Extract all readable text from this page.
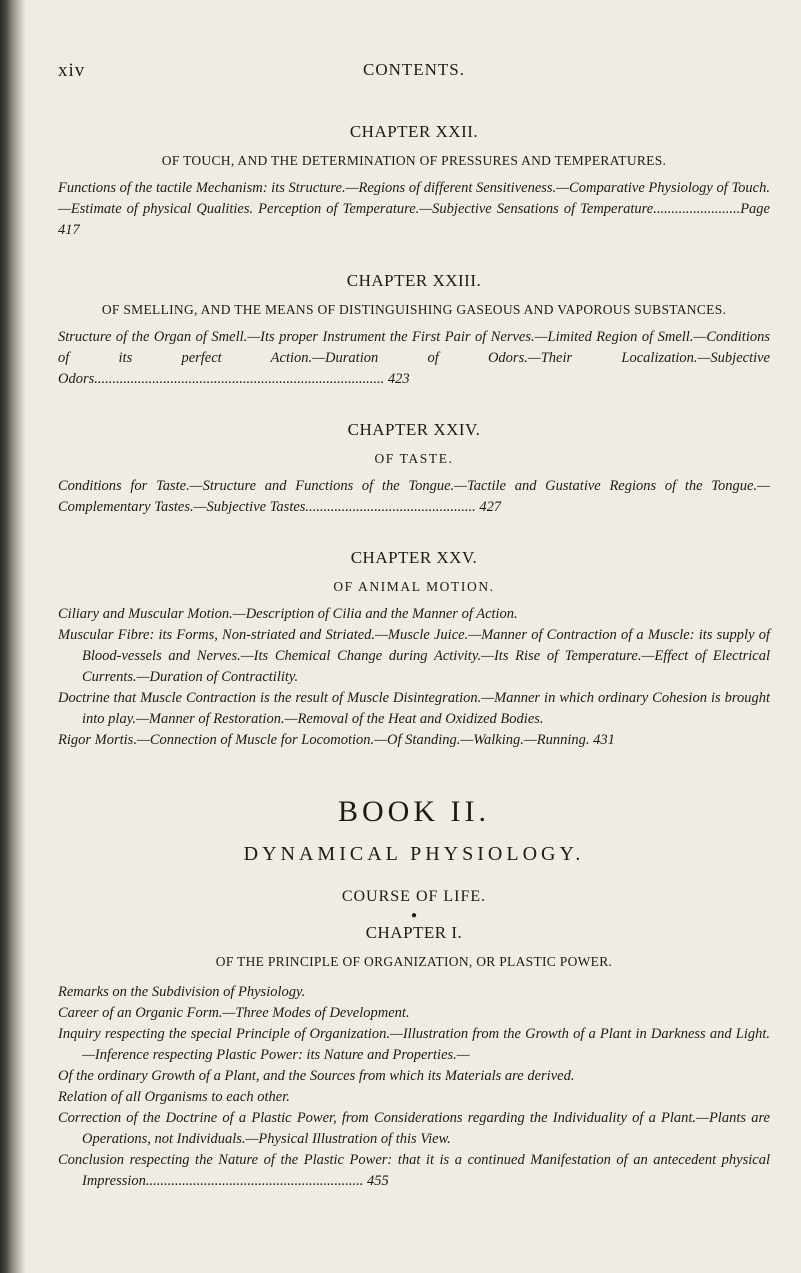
xiv	CONTENTS.
CHAPTER XXII.
OF TOUCH, AND THE DETERMINATION OF PRESSURES AND TEMPERATURES.

Functions of the tactile Mechanism: its Structure.—Regions of different Sensitiveness.—Comparative Physiology of Touch.—Estimate of physical Qualities. Perception of Temperature.—Subjective Sensations of Temperature........................Page 417

CHAPTER XXIII.
OF SMELLING, AND THE MEANS OF DISTINGUISHING GASEOUS AND VAPOROUS SUBSTANCES.

Structure of the Organ of Smell.—Its proper Instrument the First Pair of Nerves.—Limited Region of Smell.—Conditions of its perfect Action.—Duration of Odors.—Their Localization.—Subjective Odors................................................................................ 423

CHAPTER XXIV.
OF TASTE.

Conditions for Taste.—Structure and Functions of the Tongue.—Tactile and Gustative Regions of the Tongue.—Complementary Tastes.—Subjective Tastes............................................... 427

CHAPTER XXV.
OF ANIMAL MOTION.

Ciliary and Muscular Motion.—Description of Cilia and the Manner of Action.

Muscular Fibre: its Forms, Non-striated and Striated.—Muscle Juice.—Manner of Contraction of a Muscle: its supply of Blood-vessels and Nerves.—Its Chemical Change during Activity.—Its Rise of Temperature.—Effect of Electrical Currents.—Duration of Contractility.

Doctrine that Muscle Contraction is the result of Muscle Disintegration.—Manner in which ordinary Cohesion is brought into play.—Manner of Restoration.—Removal of the Heat and Oxidized Bodies.

Rigor Mortis.—Connection of Muscle for Locomotion.—Of Standing.—Walking.—Running. 431

BOOK II.
DYNAMICAL PHYSIOLOGY.
COURSE OF LIFE.
●
CHAPTER I.
OF THE PRINCIPLE OF ORGANIZATION, OR PLASTIC POWER.

Remarks on the Subdivision of Physiology.

Career of an Organic Form.—Three Modes of Development.

Inquiry respecting the special Principle of Organization.—Illustration from the Growth of a Plant in Darkness and Light.—Inference respecting Plastic Power: its Nature and Properties.—

Of the ordinary Growth of a Plant, and the Sources from which its Materials are derived.

Relation of all Organisms to each other.

Correction of the Doctrine of a Plastic Power, from Considerations regarding the Individuality of a Plant.—Plants are Operations, not Individuals.—Physical Illustration of this View.

Conclusion respecting the Nature of the Plastic Power: that it is a continued Manifestation of an antecedent physical Impression............................................................ 455
